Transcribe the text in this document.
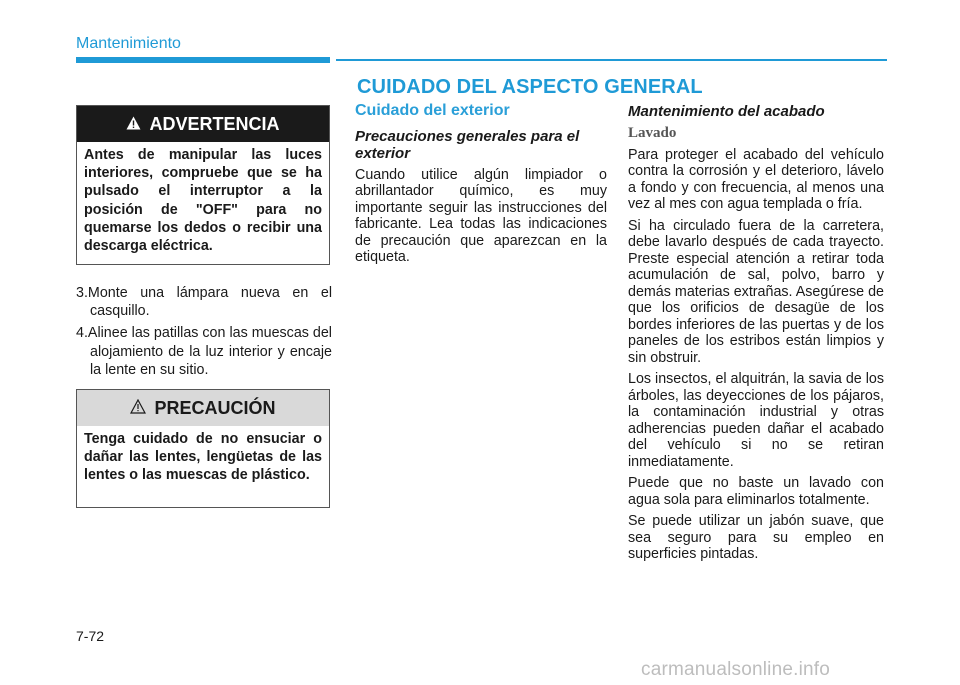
Mantenimiento
CUIDADO DEL ASPECTO GENERAL
ADVERTENCIA
Antes de manipular las luces interiores, compruebe que se ha pulsado el interruptor a la posición de "OFF" para no quemarse los dedos o recibir una descarga eléctrica.
3.Monte una lámpara nueva en el casquillo.
4.Alinee las patillas con las muescas del alojamiento de la luz interior y encaje la lente en su sitio.
PRECAUCIÓN
Tenga cuidado de no ensuciar o dañar las lentes, lengüetas de las lentes o las muescas de plástico.
Cuidado del exterior
Precauciones generales para el exterior

Cuando utilice algún limpiador o abrillantador químico, es muy importante seguir las instrucciones del fabricante. Lea todas las indicaciones de precaución que aparezcan en la etiqueta.

Mantenimiento del acabado
Lavado

Para proteger el acabado del vehículo contra la corrosión y el deterioro, lávelo a fondo y con frecuencia, al menos una vez al mes con agua templada o fría.

Si ha circulado fuera de la carretera, debe lavarlo después de cada trayecto. Preste especial atención a retirar toda acumulación de sal, polvo, barro y demás materias extrañas. Asegúrese de que los orificios de desagüe de los bordes inferiores de las puertas y de los paneles de los estribos están limpios y sin obstruir.

Los insectos, el alquitrán, la savia de los árboles, las deyecciones de los pájaros, la contaminación industrial y otras adherencias pueden dañar el acabado del vehículo si no se retiran inmediatamente.

Puede que no baste un lavado con agua sola para eliminarlos totalmente.

Se puede utilizar un jabón suave, que sea seguro para su empleo en superficies pintadas.

7-72
carmanualsonline.info
